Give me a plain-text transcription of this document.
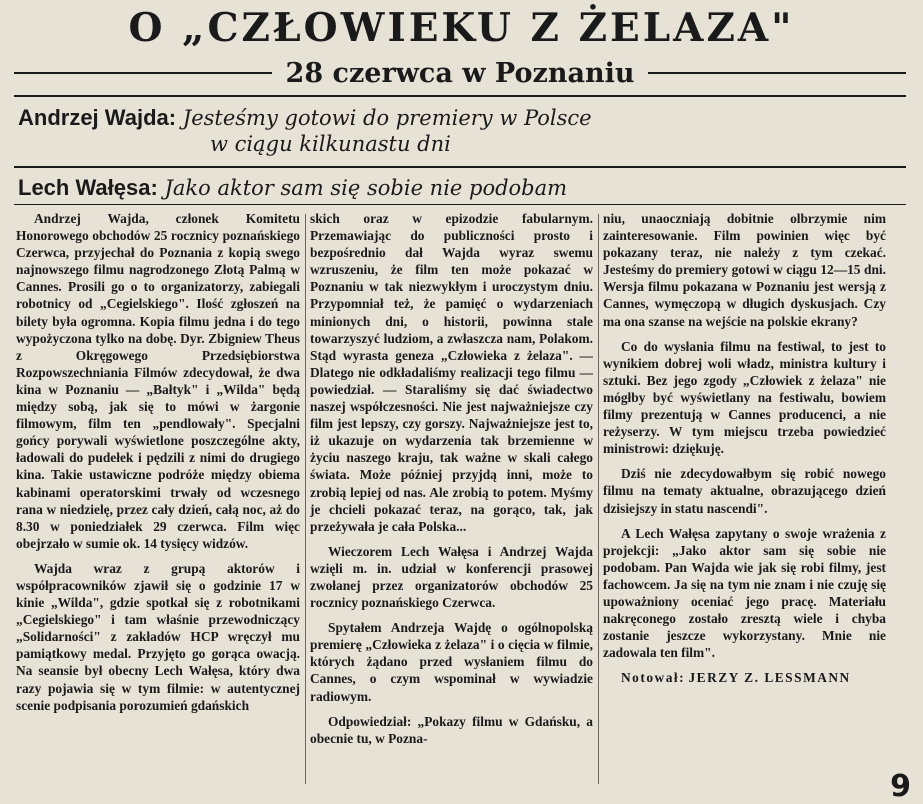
O „CZŁOWIEKU Z ŻELAZA"
28 czerwca w Poznaniu
Andrzej Wajda: Jesteśmy gotowi do premiery w Polsce
w ciągu kilkunastu dni
Lech Wałęsa: Jako aktor sam się sobie nie podobam

Andrzej Wajda, członek Komitetu Honorowego obchodów 25 rocznicy poznańskiego Czerwca, przyjechał do Poznania z kopią swego najnowszego filmu nagrodzonego Złotą Palmą w Cannes. Prosili go o to organizatorzy, zabiegali robotnicy od „Cegielskiego". Ilość zgłoszeń na bilety była ogromna. Kopia filmu jedna i do tego wypożyczona tylko na dobę. Dyr. Zbigniew Theus z Okręgowego Przedsiębiorstwa Rozpowszechniania Filmów zdecydował, że dwa kina w Poznaniu — „Bałtyk" i „Wilda" będą między sobą, jak się to mówi w żargonie filmowym, film ten „pendlowały". Specjalni gońcy porywali wyświetlone poszczególne akty, ładowali do pudełek i pędzili z nimi do drugiego kina. Takie ustawiczne podróże między obiema kabinami operatorskimi trwały od wczesnego rana w niedzielę, przez cały dzień, całą noc, aż do 8.30 w poniedziałek 29 czerwca. Film więc obejrzało w sumie ok. 14 tysięcy widzów.

Wajda wraz z grupą aktorów i współpracowników zjawił się o godzinie 17 w kinie „Wilda", gdzie spotkał się z robotnikami „Cegielskiego" i tam właśnie przewodniczący „Solidarności" z zakładów HCP wręczył mu pamiątkowy medal. Przyjęto go gorąca owacją. Na seansie był obecny Lech Wałęsa, który dwa razy pojawia się w tym filmie: w autentycznej scenie podpisania porozumień gdańskich

skich oraz w epizodzie fabularnym. Przemawiając do publiczności prosto i bezpośrednio dał Wajda wyraz swemu wzruszeniu, że film ten może pokazać w Poznaniu w tak niezwykłym i uroczystym dniu. Przypomniał też, że pamięć o wydarzeniach minionych dni, o historii, powinna stale towarzyszyć ludziom, a zwłaszcza nam, Polakom. Stąd wyrasta geneza „Człowieka z żelaza". — Dlatego nie odkładaliśmy realizacji tego filmu — powiedział. — Staraliśmy się dać świadectwo naszej współczesności. Nie jest najważniejsze czy film jest lepszy, czy gorszy. Najważniejsze jest to, iż ukazuje on wydarzenia tak brzemienne w życiu naszego kraju, tak ważne w skali całego świata. Może później przyjdą inni, może to zrobią lepiej od nas. Ale zrobią to potem. Myśmy je chcieli pokazać teraz, na gorąco, tak, jak przeżywała je cała Polska...

Wieczorem Lech Wałęsa i Andrzej Wajda wzięli m. in. udział w konferencji prasowej zwołanej przez organizatorów obchodów 25 rocznicy poznańskiego Czerwca.

Spytałem Andrzeja Wajdę o ogólnopolską premierę „Człowieka z żelaza" i o cięcia w filmie, których żądano przed wysłaniem filmu do Cannes, o czym wspominał w wywiadzie radiowym.

Odpowiedział: „Pokazy filmu w Gdańsku, a obecnie tu, w Pozna-

niu, unaoczniają dobitnie olbrzymie nim zainteresowanie. Film powinien więc być pokazany teraz, nie należy z tym czekać. Jesteśmy do premiery gotowi w ciągu 12—15 dni. Wersja filmu pokazana w Poznaniu jest wersją z Cannes, wymęczopą w długich dyskusjach. Czy ma ona szanse na wejście na polskie ekrany?

Co do wysłania filmu na festiwal, to jest to wynikiem dobrej woli władz, ministra kultury i sztuki. Bez jego zgody „Człowiek z żelaza" nie mógłby być wyświetlany na festiwalu, bowiem filmy prezentują w Cannes producenci, a nie reżyserzy. W tym miejscu trzeba powiedzieć ministrowi: dziękuję.

Dziś nie zdecydowałbym się robić nowego filmu na tematy aktualne, obrazującego dzień dzisiejszy in statu nascendi".

A Lech Wałęsa zapytany o swoje wrażenia z projekcji: „Jako aktor sam się sobie nie podobam. Pan Wajda wie jak się robi filmy, jest fachowcem. Ja się na tym nie znam i nie czuję się upoważniony oceniać jego pracę. Materiału nakręconego zostało zresztą wiele i chyba zostanie jeszcze wykorzystany. Mnie nie zadowala ten film".

Notował: JERZY Z. LESSMANN

9
